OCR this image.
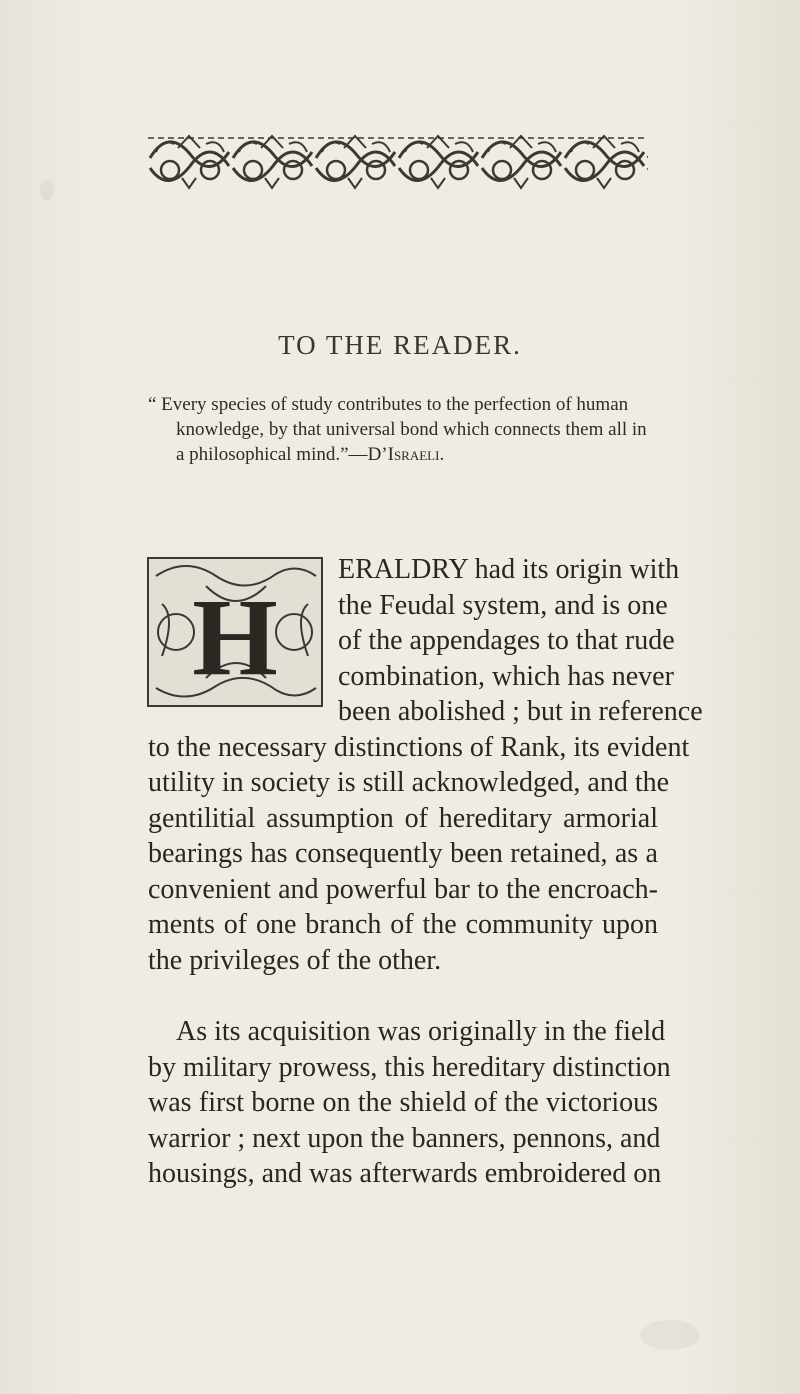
TO THE READER.
“ Every species of study contributes to the perfection of human
knowledge, by that universal bond which connects them all in
a philosophical mind.”—D’Israeli.
H
ERALDRY had its origin with
the Feudal system, and is one
of the appendages to that rude
combination, which has never
been abolished ; but in reference
to the necessary distinctions of Rank, its evident
utility in society is still acknowledged, and the
gentilitial assumption of hereditary armorial
bearings has consequently been retained, as a
convenient and powerful bar to the encroach-
ments of one branch of the community upon
the privileges of the other.
As its acquisition was originally in the field
by military prowess, this hereditary distinction
was first borne on the shield of the victorious
warrior ; next upon the banners, pennons, and
housings, and was afterwards embroidered on
